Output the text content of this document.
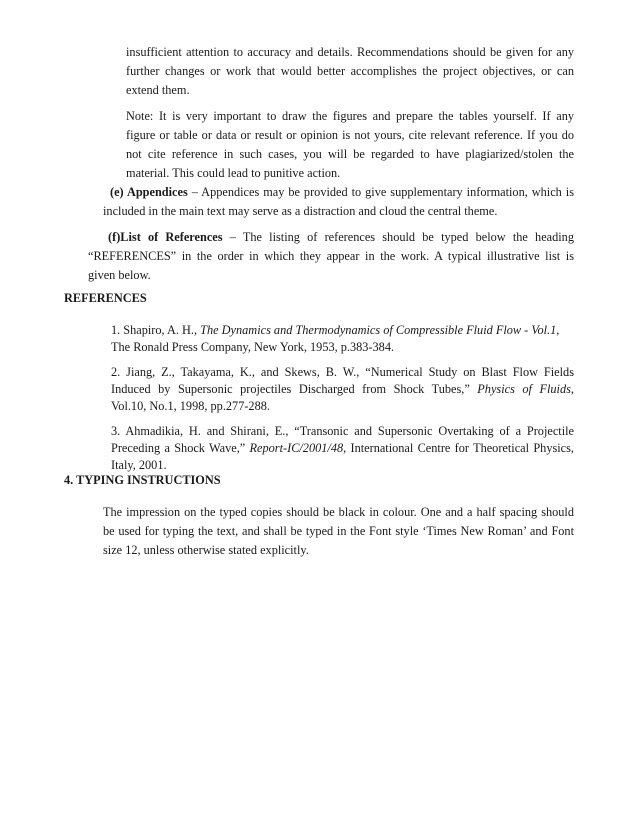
insufficient attention to accuracy and details. Recommendations should be given for any
further changes or work that would better accomplishes the project objectives, or can
extend them.
Note: It is very important to draw the figures and prepare the tables yourself. If any
figure or table or data or result or opinion is not yours, cite relevant reference. If you do
not cite reference in such cases, you will be regarded to have plagiarized/stolen the
material. This could lead to punitive action.
(e) Appendices – Appendices may be provided to give supplementary information, which is
included in the main text may serve as a distraction and cloud the central theme.
(f)List of References – The listing of references should be typed below the heading
“REFERENCES” in the order in which they appear in the work. A typical illustrative list is
given below.
REFERENCES
1. Shapiro, A. H., The Dynamics and Thermodynamics of Compressible Fluid Flow - Vol.1,
The Ronald Press Company, New York, 1953, p.383-384.
2. Jiang, Z., Takayama, K., and Skews, B. W., “Numerical Study on Blast Flow Fields
Induced by Supersonic projectiles Discharged from Shock Tubes,” Physics of Fluids,
Vol.10, No.1, 1998, pp.277-288.
3. Ahmadikia, H. and Shirani, E., “Transonic and Supersonic Overtaking of a Projectile
Preceding a Shock Wave,” Report-IC/2001/48, International Centre for Theoretical Physics,
Italy, 2001.
4. TYPING INSTRUCTIONS
The impression on the typed copies should be black in colour. One and a half spacing should
be used for typing the text, and shall be typed in the Font style ‘Times New Roman’ and Font
size 12, unless otherwise stated explicitly.
